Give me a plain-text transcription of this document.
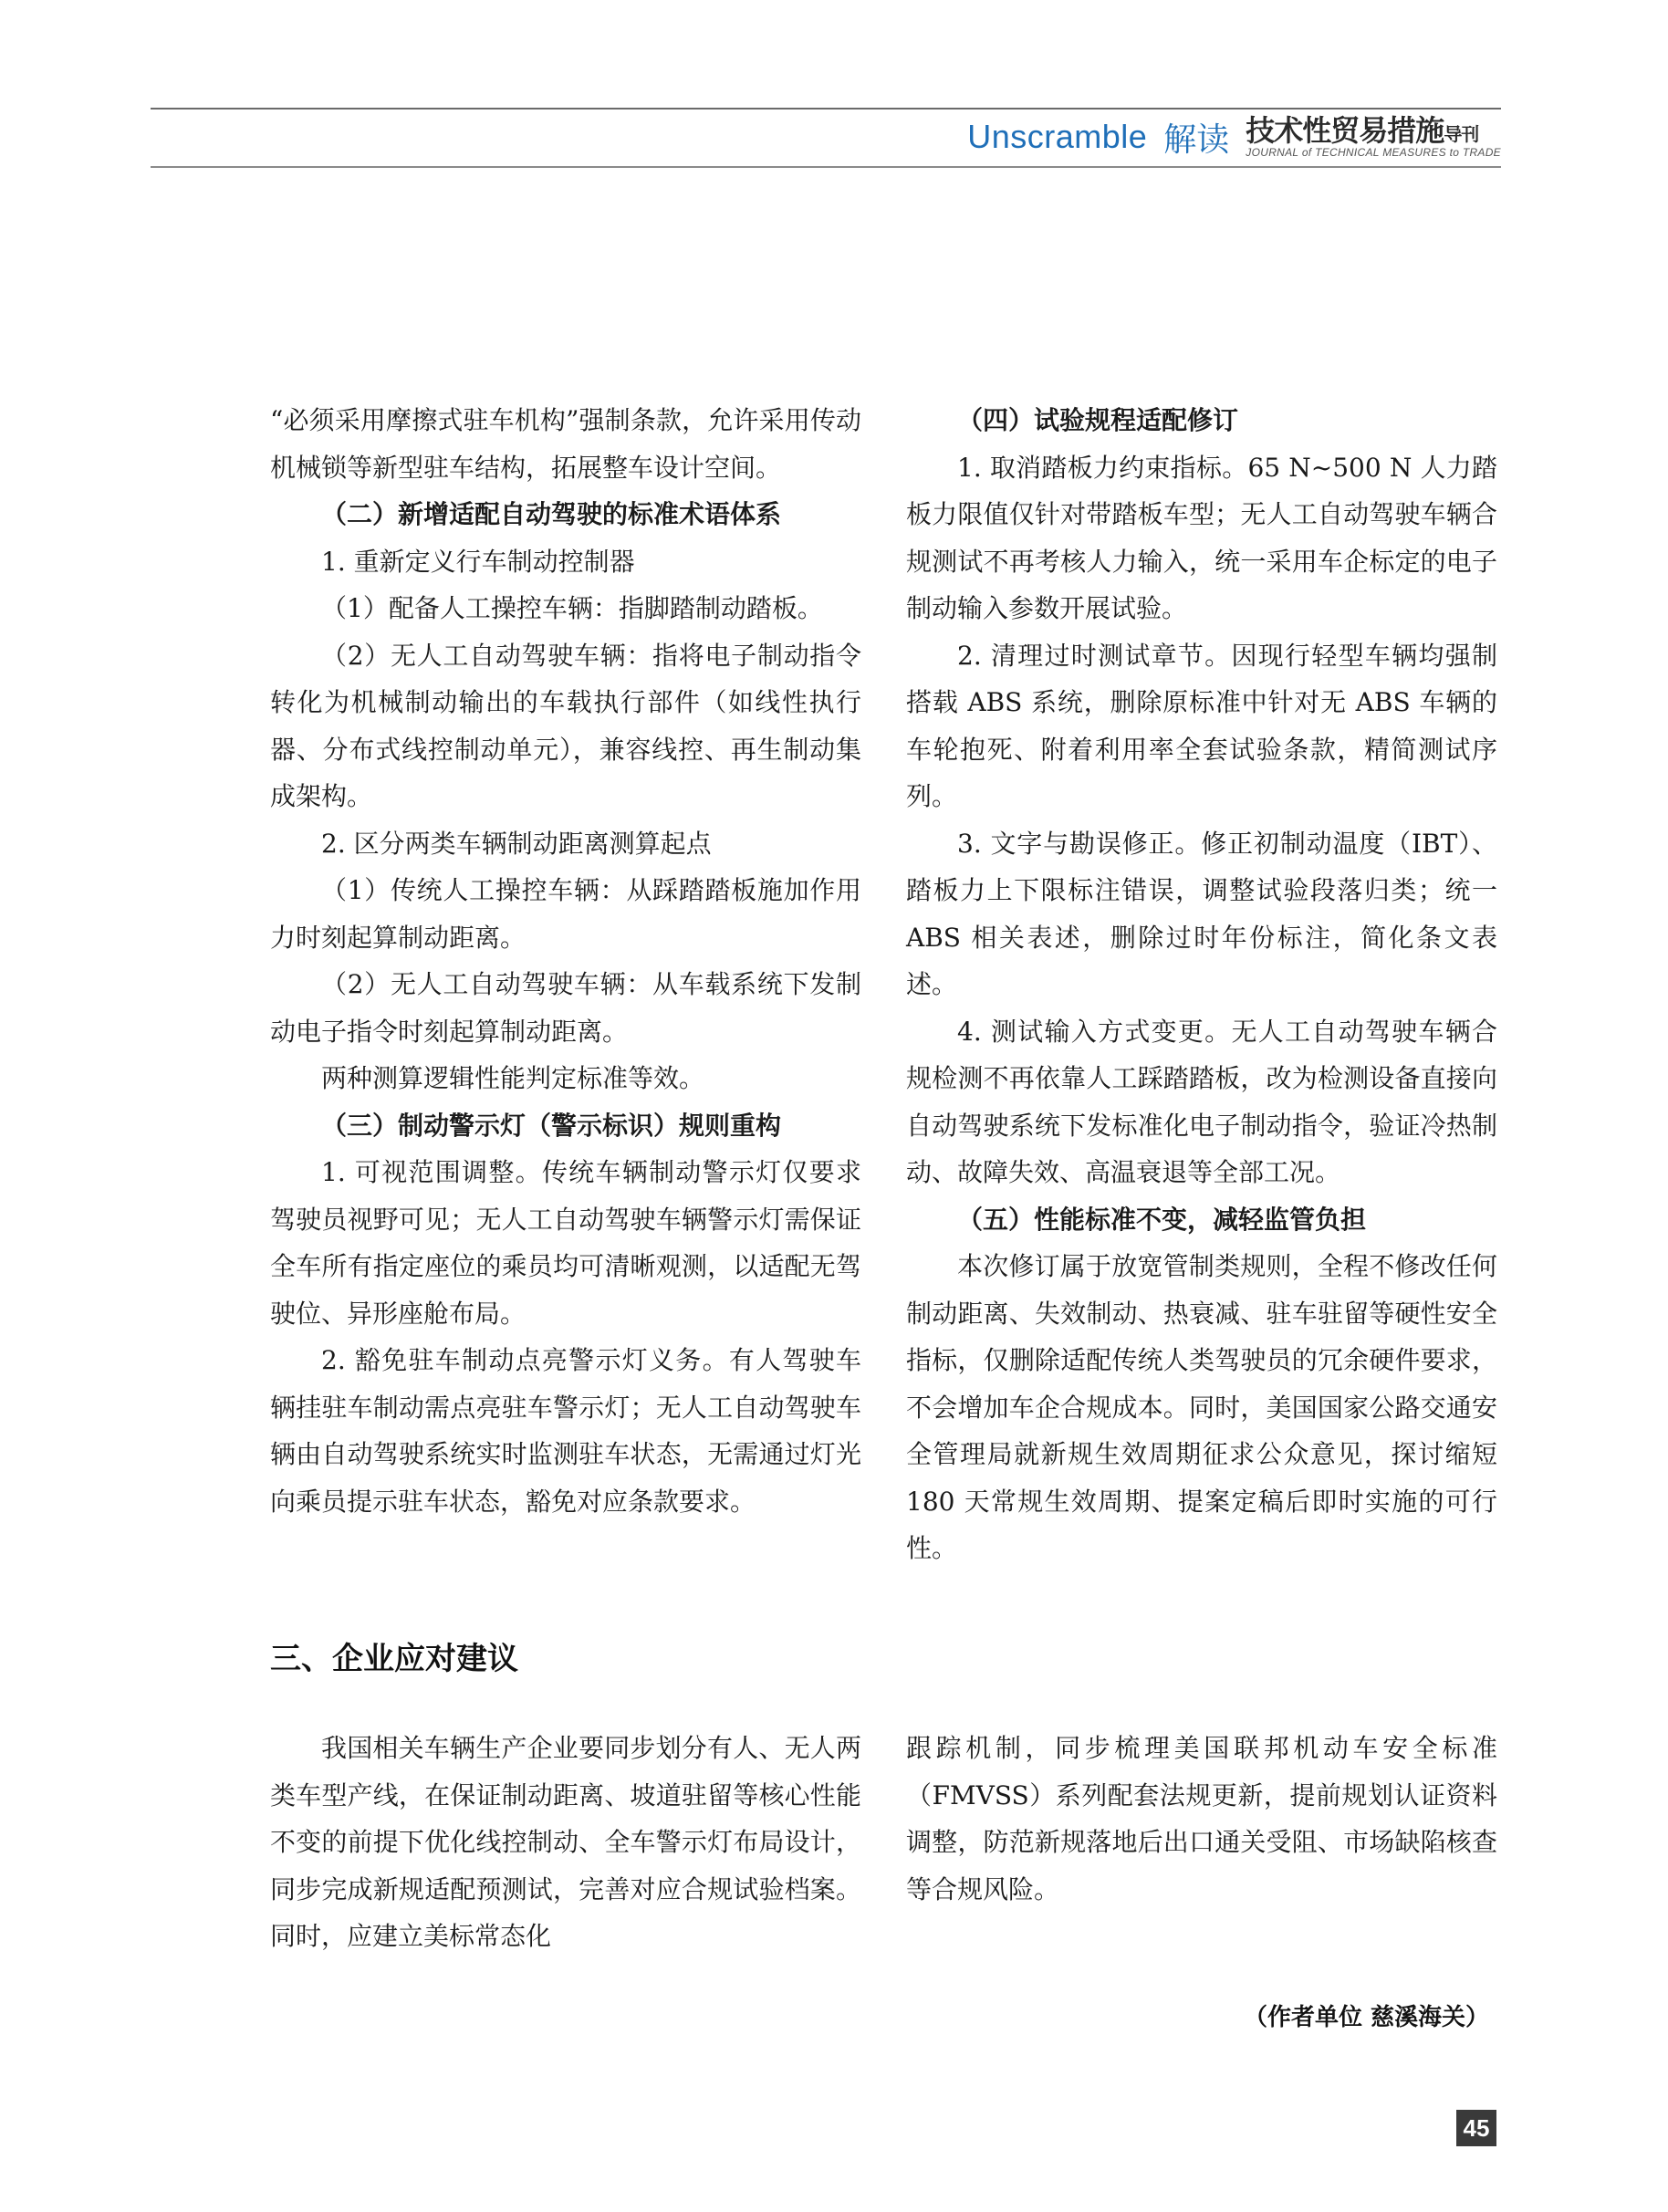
Unscramble 解读 技术性贸易措施导刊
JOURNAL of TECHNICAL MEASURES to TRADE

“必须采用摩擦式驻车机构”强制条款，允许采用传动机械锁等新型驻车结构，拓展整车设计空间。

（二）新增适配自动驾驶的标准术语体系

1. 重新定义行车制动控制器

（1）配备人工操控车辆：指脚踏制动踏板。

（2）无人工自动驾驶车辆：指将电子制动指令转化为机械制动输出的车载执行部件（如线性执行器、分布式线控制动单元），兼容线控、再生制动集成架构。

2. 区分两类车辆制动距离测算起点

（1）传统人工操控车辆：从踩踏踏板施加作用力时刻起算制动距离。

（2）无人工自动驾驶车辆：从车载系统下发制动电子指令时刻起算制动距离。

两种测算逻辑性能判定标准等效。

（三）制动警示灯（警示标识）规则重构

1. 可视范围调整。传统车辆制动警示灯仅要求驾驶员视野可见；无人工自动驾驶车辆警示灯需保证全车所有指定座位的乘员均可清晰观测，以适配无驾驶位、异形座舱布局。

2. 豁免驻车制动点亮警示灯义务。有人驾驶车辆挂驻车制动需点亮驻车警示灯；无人工自动驾驶车辆由自动驾驶系统实时监测驻车状态，无需通过灯光向乘员提示驻车状态，豁免对应条款要求。

（四）试验规程适配修订

1. 取消踏板力约束指标。65 N~500 N 人力踏板力限值仅针对带踏板车型；无人工自动驾驶车辆合规测试不再考核人力输入，统一采用车企标定的电子制动输入参数开展试验。

2. 清理过时测试章节。因现行轻型车辆均强制搭载 ABS 系统，删除原标准中针对无 ABS 车辆的车轮抱死、附着利用率全套试验条款，精简测试序列。

3. 文字与勘误修正。修正初制动温度（IBT）、踏板力上下限标注错误，调整试验段落归类；统一 ABS 相关表述，删除过时年份标注，简化条文表述。

4. 测试输入方式变更。无人工自动驾驶车辆合规检测不再依靠人工踩踏踏板，改为检测设备直接向自动驾驶系统下发标准化电子制动指令，验证冷热制动、故障失效、高温衰退等全部工况。

（五）性能标准不变，减轻监管负担

本次修订属于放宽管制类规则，全程不修改任何制动距离、失效制动、热衰减、驻车驻留等硬性安全指标，仅删除适配传统人类驾驶员的冗余硬件要求，不会增加车企合规成本。同时，美国国家公路交通安全管理局就新规生效周期征求公众意见，探讨缩短 180 天常规生效周期、提案定稿后即时实施的可行性。

三、企业应对建议

我国相关车辆生产企业要同步划分有人、无人两类车型产线，在保证制动距离、坡道驻留等核心性能不变的前提下优化线控制动、全车警示灯布局设计，同步完成新规适配预测试，完善对应合规试验档案。同时，应建立美标常态化

跟踪机制，同步梳理美国联邦机动车安全标准（FMVSS）系列配套法规更新，提前规划认证资料调整，防范新规落地后出口通关受阻、市场缺陷核查等合规风险。

（作者单位 慈溪海关）
45
